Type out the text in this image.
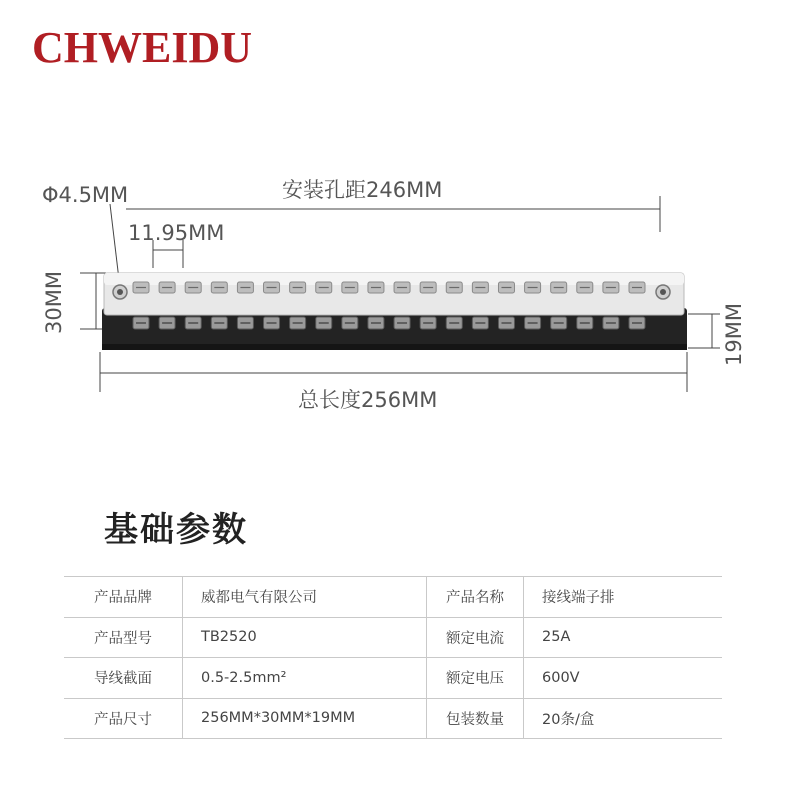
CHWEIDU
Φ4.5MM	安装孔距246MM
11.95MM
30MM
19MM
总长度256MM
基础参数
产品品牌	威都电气有限公司	产品名称	接线端子排
产品型号	TB2520	额定电流	25A
导线截面	0.5-2.5mm²	额定电压	600V
产品尺寸	256MM*30MM*19MM	包装数量	20条/盒
